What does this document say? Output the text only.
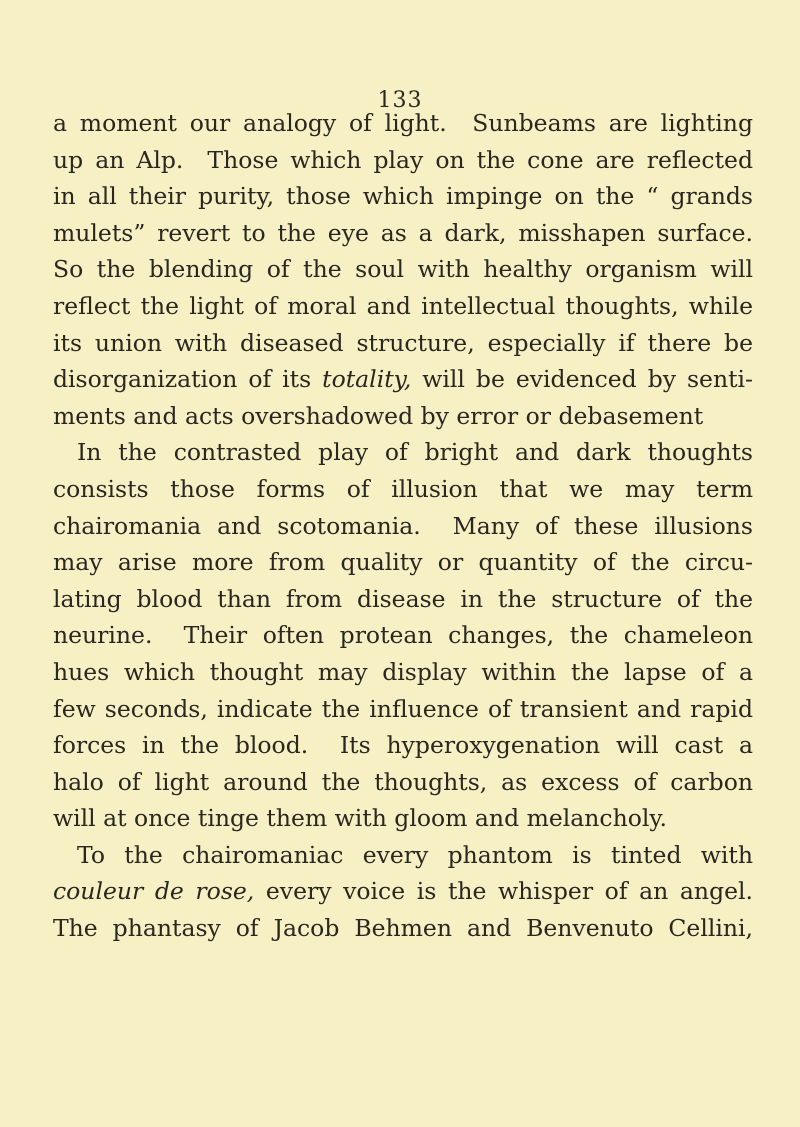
133
a moment our analogy of light.  Sunbeams are lighting
up an Alp.  Those which play on the cone are reflected
in all their purity, those which impinge on the “ grands
mulets” revert to the eye as a dark, misshapen surface.
So the blending of the soul with healthy organism will
reflect the light of moral and intellectual thoughts, while
its union with diseased structure, especially if there be
disorganization of its totality, will be evidenced by senti-
ments and acts overshadowed by error or debasement
In the contrasted play of bright and dark thoughts
consists those forms of illusion that we may term
chairomania and scotomania.  Many of these illusions
may arise more from quality or quantity of the circu-
lating blood than from disease in the structure of the
neurine.  Their often protean changes, the chameleon
hues which thought may display within the lapse of a
few seconds, indicate the influence of transient and rapid
forces in the blood.  Its hyperoxygenation will cast a
halo of light around the thoughts, as excess of carbon
will at once tinge them with gloom and melancholy.
To the chairomaniac every phantom is tinted with
couleur de rose, every voice is the whisper of an angel.
The phantasy of Jacob Behmen and Benvenuto Cellini,
